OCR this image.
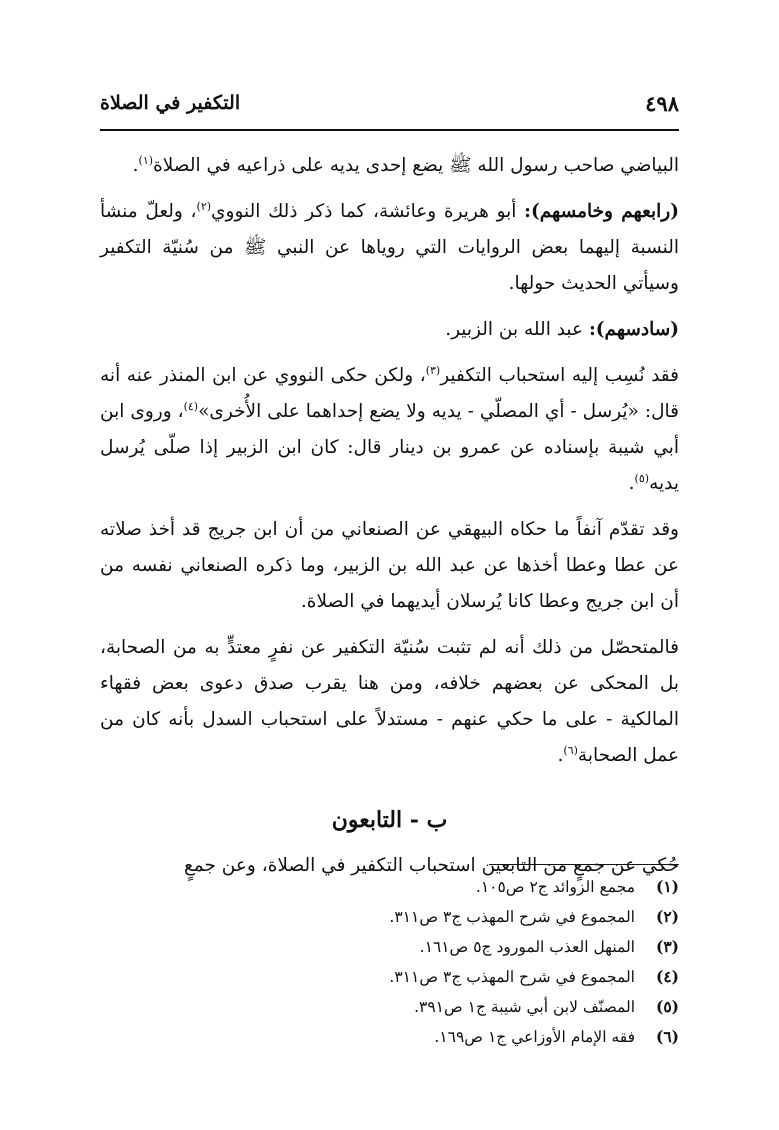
٤٩٨
التكفير في الصلاة

البياضي صاحب رسول الله ﷺ يضع إحدى يديه على ذراعيه في الصلاة$^{(١)}$.

(رابعهم وخامسهم): أبو هريرة وعائشة، كما ذكر ذلك النووي$^{(٢)}$، ولعلّ منشأ النسبة إليهما بعض الروايات التي روياها عن النبي ﷺ من سُنيّة التكفير وسيأتي الحديث حولها.

(سادسهم): عبد الله بن الزبير.

فقد نُسِب إليه استحباب التكفير$^{(٣)}$، ولكن حكى النووي عن ابن المنذر عنه أنه قال: «يُرسل - أي المصلّي - يديه ولا يضع إحداهما على الأُخرى»$^{(٤)}$، وروى ابن أبي شيبة بإسناده عن عمرو بن دينار قال: كان ابن الزبير إذا صلّى يُرسل يديه$^{(٥)}$.

وقد تقدّم آنفاً ما حكاه البيهقي عن الصنعاني من أن ابن جريج قد أخذ صلاته عن عطا وعطا أخذها عن عبد الله بن الزبير، وما ذكره الصنعاني نفسه من أن ابن جريج وعطا كانا يُرسلان أيديهما في الصلاة.

فالمتحصّل من ذلك أنه لم تثبت سُنيّة التكفير عن نفرٍ معتدٍّ به من الصحابة، بل المحكى عن بعضهم خلافه، ومن هنا يقرب صدق دعوى بعض فقهاء المالكية - على ما حكي عنهم - مستدلاً على استحباب السدل بأنه كان من عمل الصحابة$^{(٦)}$.

ب - التابعون

حُكي عن جمعٍ من التابعين استحباب التكفير في الصلاة، وعن جمعٍ

(١)
مجمع الزوائد ج٢ ص١٠٥.
(٢)
المجموع في شرح المهذب ج٣ ص٣١١.
(٣)
المنهل العذب المورود ج٥ ص١٦١.
(٤)
المجموع في شرح المهذب ج٣ ص٣١١.
(٥)
المصنّف لابن أبي شيبة ج١ ص٣٩١.
(٦)
فقه الإمام الأوزاعي ج١ ص١٦٩.
